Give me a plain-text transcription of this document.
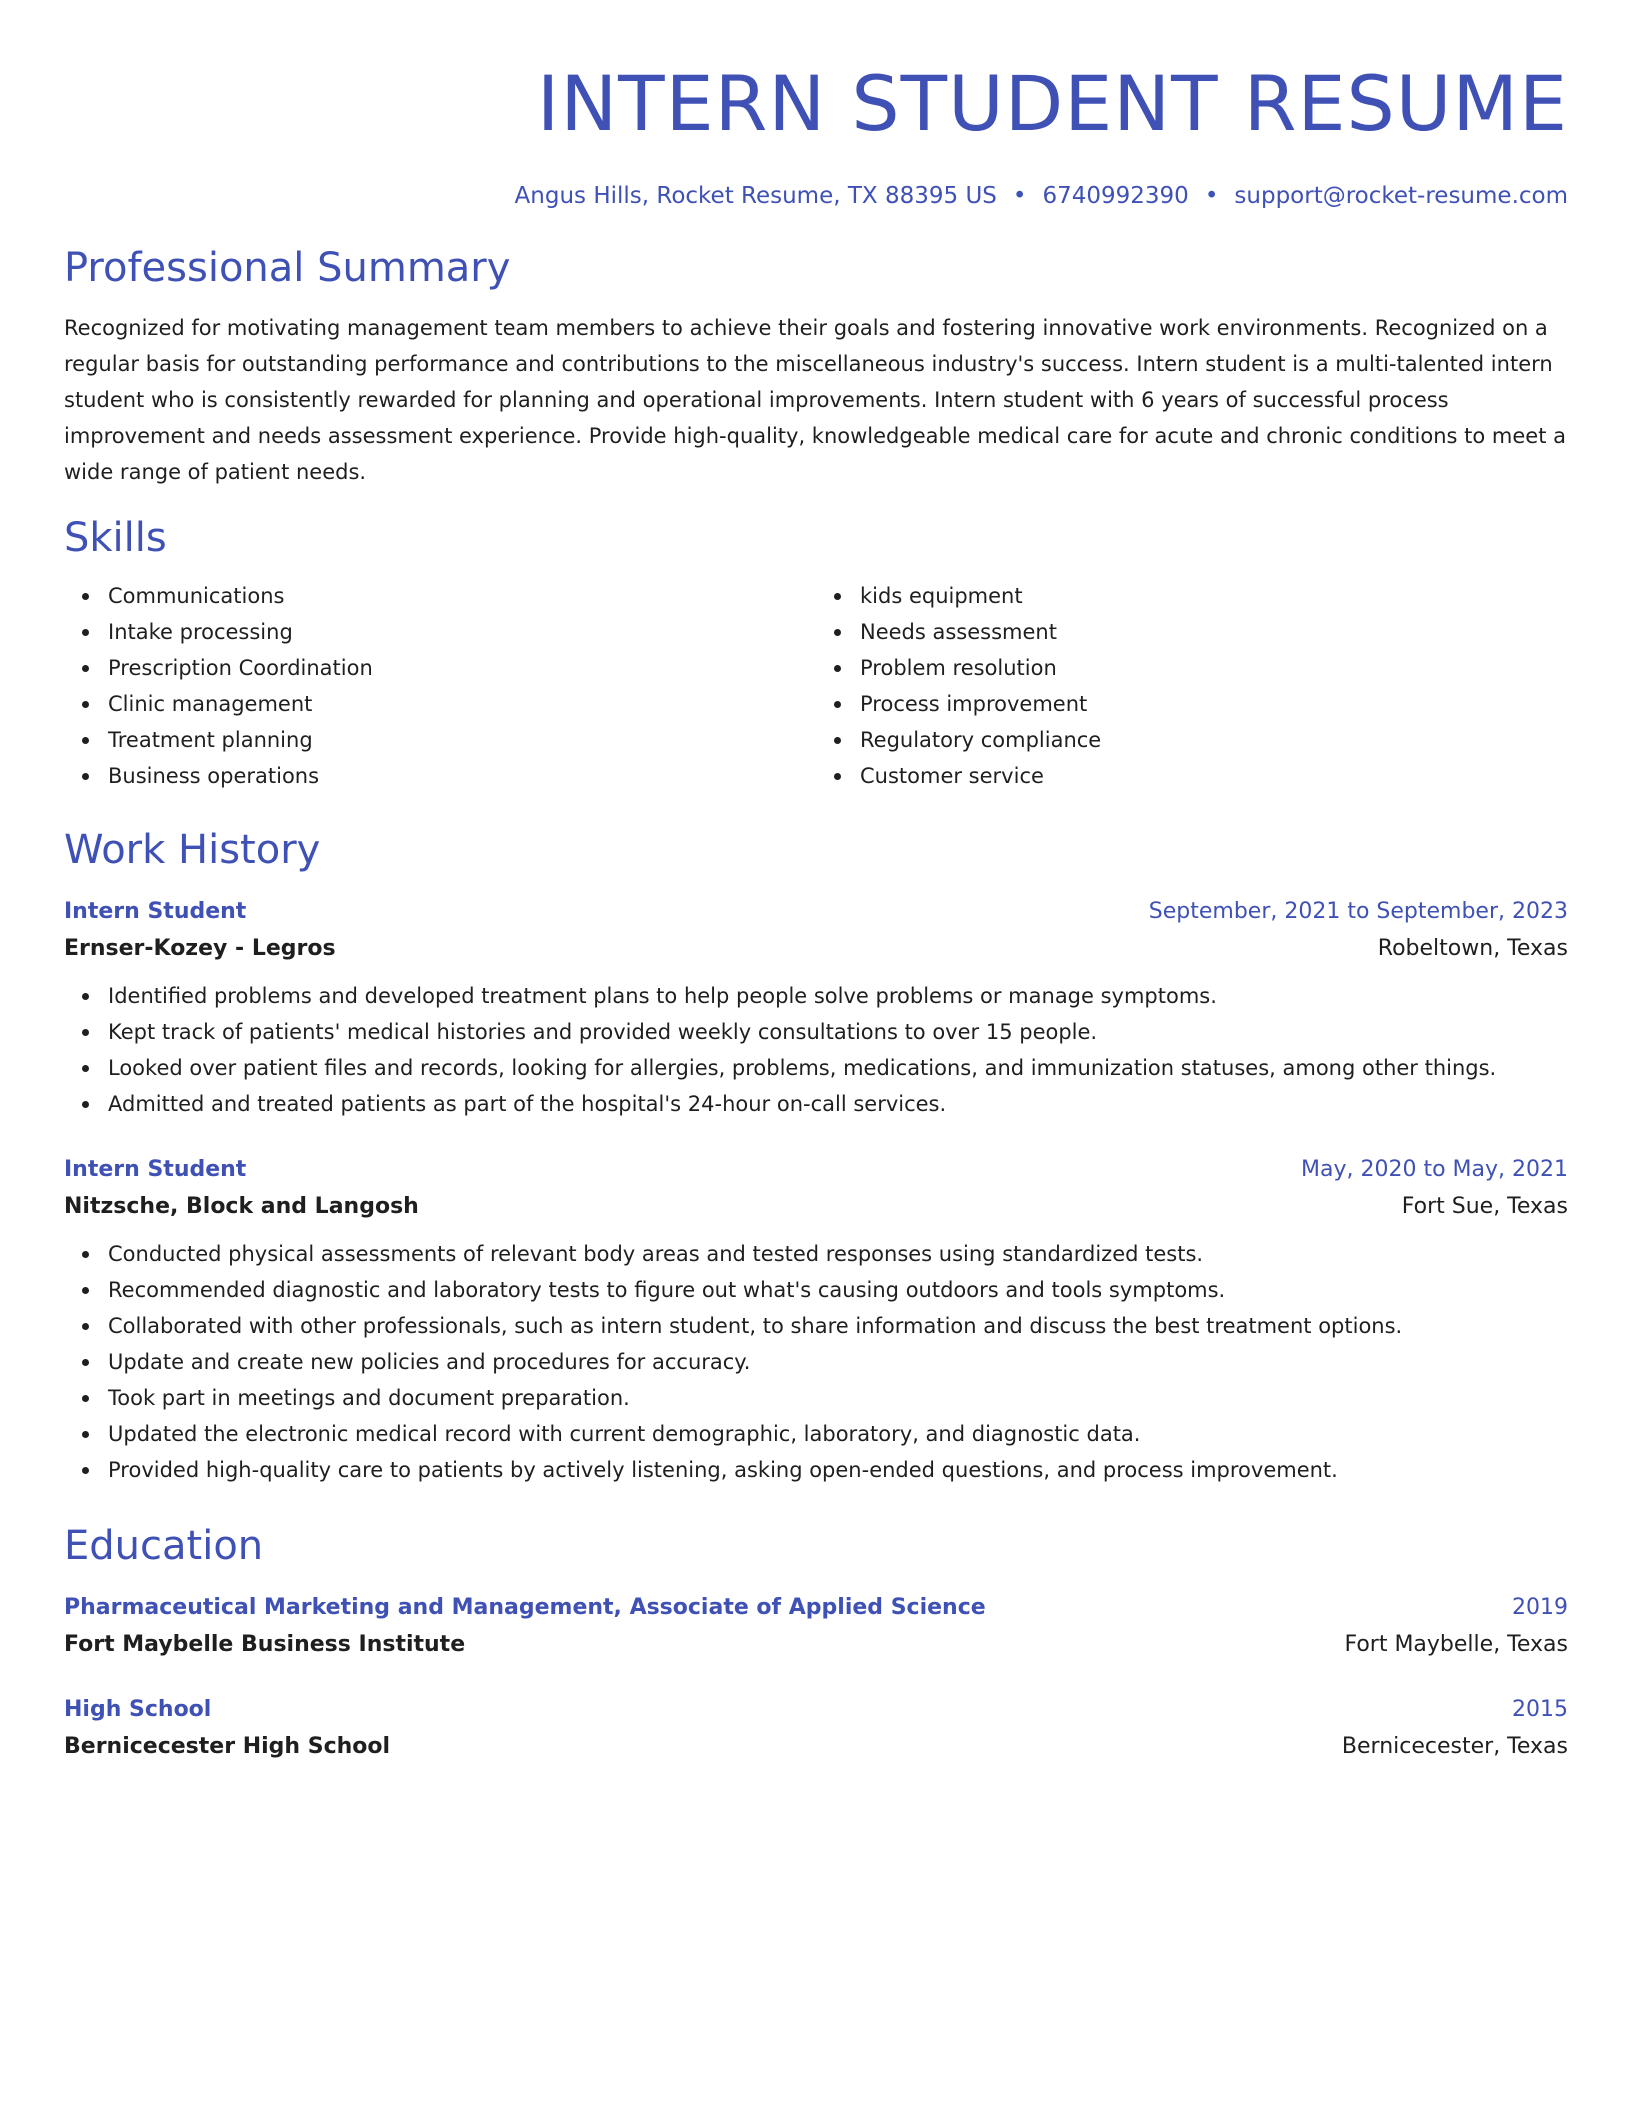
INTERN STUDENT RESUME
Angus Hills, Rocket Resume, TX 88395 US • 6740992390 • support@rocket-resume.com
Professional Summary

Recognized for motivating management team members to achieve their goals and fostering innovative work environments. Recognized on a regular basis for outstanding performance and contributions to the miscellaneous industry's success. Intern student is a multi-talented intern student who is consistently rewarded for planning and operational improvements. Intern student with 6 years of successful process improvement and needs assessment experience. Provide high-quality, knowledgeable medical care for acute and chronic conditions to meet a wide range of patient needs.

Skills
Communications
Intake processing
Prescription Coordination
Clinic management
Treatment planning
Business operations
kids equipment
Needs assessment
Problem resolution
Process improvement
Regulatory compliance
Customer service
Work History
Intern Student	September, 2021 to September, 2023
Ernser-Kozey - Legros	Robeltown, Texas
Identified problems and developed treatment plans to help people solve problems or manage symptoms.
Kept track of patients' medical histories and provided weekly consultations to over 15 people.
Looked over patient files and records, looking for allergies, problems, medications, and immunization statuses, among other things.
Admitted and treated patients as part of the hospital's 24-hour on-call services.
Intern Student	May, 2020 to May, 2021
Nitzsche, Block and Langosh	Fort Sue, Texas
Conducted physical assessments of relevant body areas and tested responses using standardized tests.
Recommended diagnostic and laboratory tests to figure out what's causing outdoors and tools symptoms.
Collaborated with other professionals, such as intern student, to share information and discuss the best treatment options.
Update and create new policies and procedures for accuracy.
Took part in meetings and document preparation.
Updated the electronic medical record with current demographic, laboratory, and diagnostic data.
Provided high-quality care to patients by actively listening, asking open-ended questions, and process improvement.
Education
Pharmaceutical Marketing and Management, Associate of Applied Science	2019
Fort Maybelle Business Institute	Fort Maybelle, Texas
High School	2015
Bernicecester High School	Bernicecester, Texas
